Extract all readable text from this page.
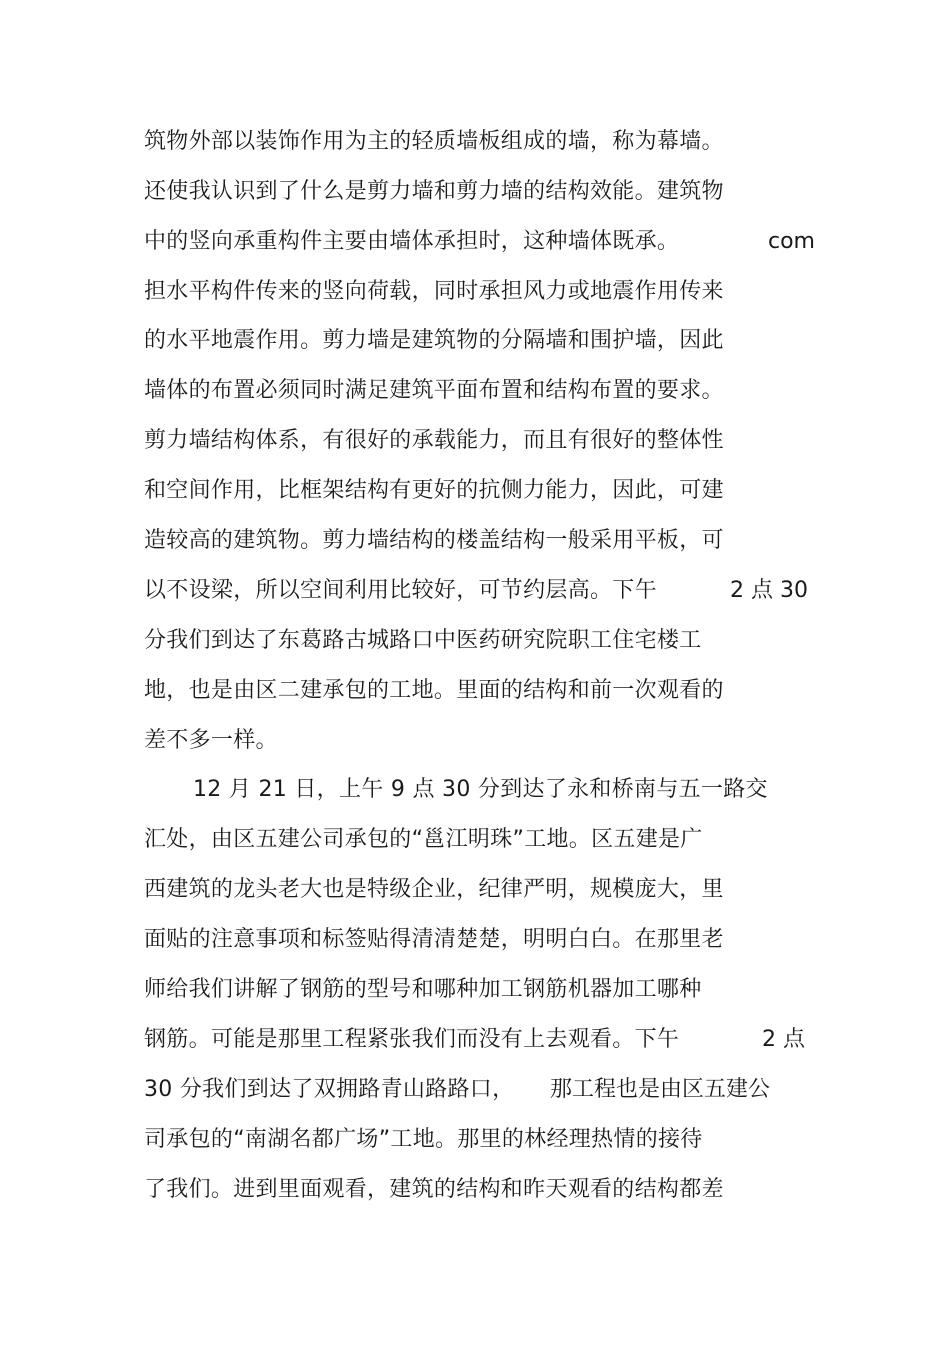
筑物外部以装饰作用为主的轻质墙板组成的墙，称为幕墙。
还使我认识到了什么是剪力墙和剪力墙的结构效能。建筑物
中的竖向承重构件主要由墙体承担时，这种墙体既承。	com
担水平构件传来的竖向荷载，同时承担风力或地震作用传来
的水平地震作用。剪力墙是建筑物的分隔墙和围护墙，因此
墙体的布置必须同时满足建筑平面布置和结构布置的要求。
剪力墙结构体系，有很好的承载能力，而且有很好的整体性
和空间作用，比框架结构有更好的抗侧力能力，因此，可建
造较高的建筑物。剪力墙结构的楼盖结构一般采用平板，可
以不设梁，所以空间利用比较好，可节约层高。下午	2 点 30
分我们到达了东葛路古城路口中医药研究院职工住宅楼工
地，也是由区二建承包的工地。里面的结构和前一次观看的
差不多一样。
12 月 21 日，上午 9 点 30 分到达了永和桥南与五一路交
汇处，由区五建公司承包的“邕江明珠”工地。区五建是广
西建筑的龙头老大也是特级企业，纪律严明，规模庞大，里
面贴的注意事项和标签贴得清清楚楚，明明白白。在那里老
师给我们讲解了钢筋的型号和哪种加工钢筋机器加工哪种
钢筋。可能是那里工程紧张我们而没有上去观看。下午	2 点
30 分我们到达了双拥路青山路路口， 那工程也是由区五建公
司承包的“南湖名都广场”工地。那里的林经理热情的接待
了我们。进到里面观看，建筑的结构和昨天观看的结构都差
